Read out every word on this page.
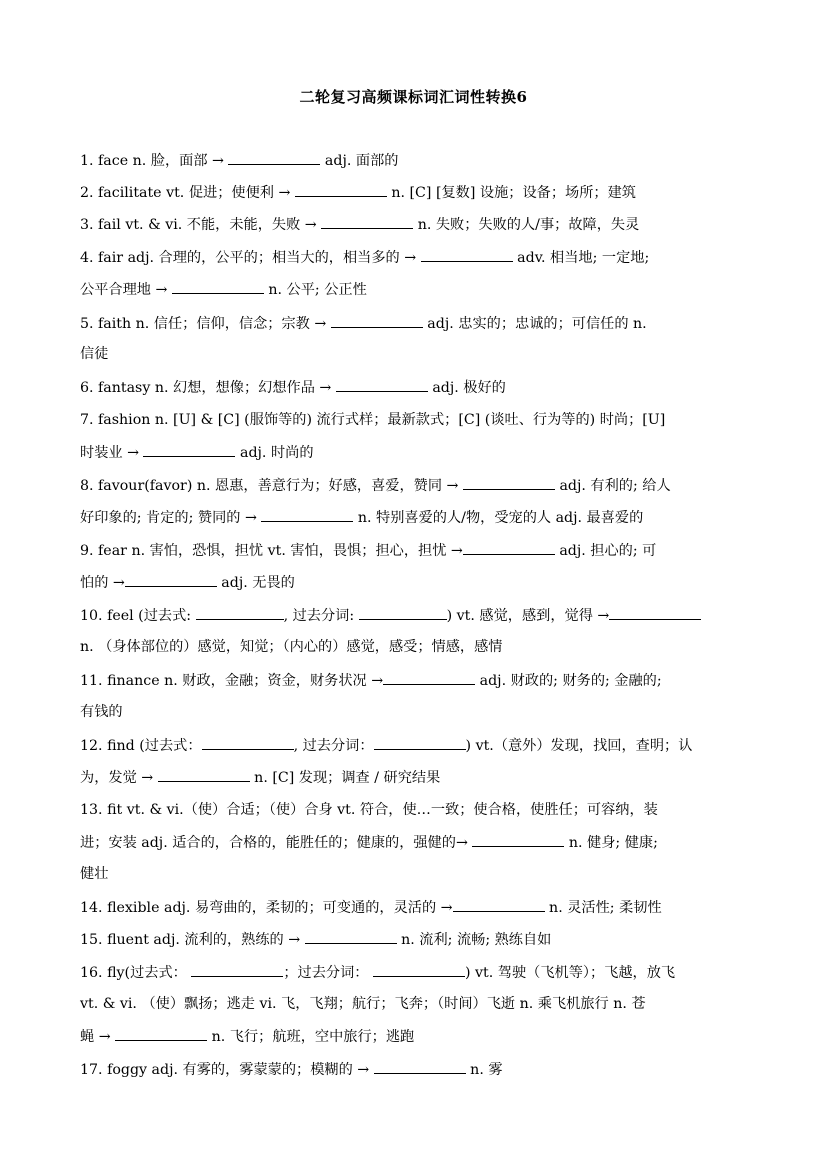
二轮复习高频课标词汇词性转换6
1. face n. 脸，面部 →	adj. 面部的
2. facilitate vt. 促进；使便利 →	n. [C] [复数] 设施；设备；场所；建筑
3. fail vt. & vi. 不能，未能，失败 →	n. 失败；失败的人/事；故障，失灵
4. fair adj. 合理的，公平的；相当大的，相当多的 →	adv. 相当地; 一定地;
公平合理地 →	n. 公平; 公正性
5. faith n. 信任；信仰，信念；宗教 →	adj. 忠实的；忠诚的；可信任的 n.
信徒
6. fantasy n. 幻想，想像；幻想作品 →	adj. 极好的
7. fashion n. [U] & [C] (服饰等的) 流行式样；最新款式；[C] (谈吐、行为等的) 时尚；[U]
时装业 →	adj. 时尚的
8. favour(favor) n. 恩惠，善意行为；好感，喜爱，赞同 →	adj. 有利的; 给人
好印象的; 肯定的; 赞同的 →	n. 特别喜爱的人/物，受宠的人 adj. 最喜爱的
9. fear n. 害怕，恐惧，担忧 vt. 害怕，畏惧；担心，担忧 →	adj. 担心的; 可
怕的 →	adj. 无畏的
10. feel (过去式:	, 过去分词:	) vt. 感觉，感到，觉得 →
n. （身体部位的）感觉，知觉；（内心的）感觉，感受；情感，感情
11. finance n. 财政，金融；资金，财务状况 →	adj. 财政的; 财务的; 金融的;
有钱的
12. find (过去式：	, 过去分词：	) vt.（意外）发现，找回，查明；认
为，发觉 →	n. [C] 发现；调查 / 研究结果
13. fit vt. & vi.（使）合适；（使）合身 vt. 符合，使…一致；使合格，使胜任；可容纳，装
进；安装 adj. 适合的，合格的，能胜任的；健康的，强健的→	n. 健身; 健康;
健壮
14. flexible adj. 易弯曲的，柔韧的；可变通的，灵活的 →	n. 灵活性; 柔韧性
15. fluent adj. 流利的，熟练的 →	n. 流利; 流畅; 熟练自如
16. fly(过去式：	；过去分词：	) vt. 驾驶（飞机等）；飞越，放飞
vt. & vi. （使）飘扬；逃走 vi. 飞，飞翔；航行；飞奔；（时间）飞逝 n. 乘飞机旅行 n. 苍
蝇 →	n. 飞行；航班，空中旅行；逃跑
17. foggy adj. 有雾的，雾蒙蒙的；模糊的 →	n. 雾
